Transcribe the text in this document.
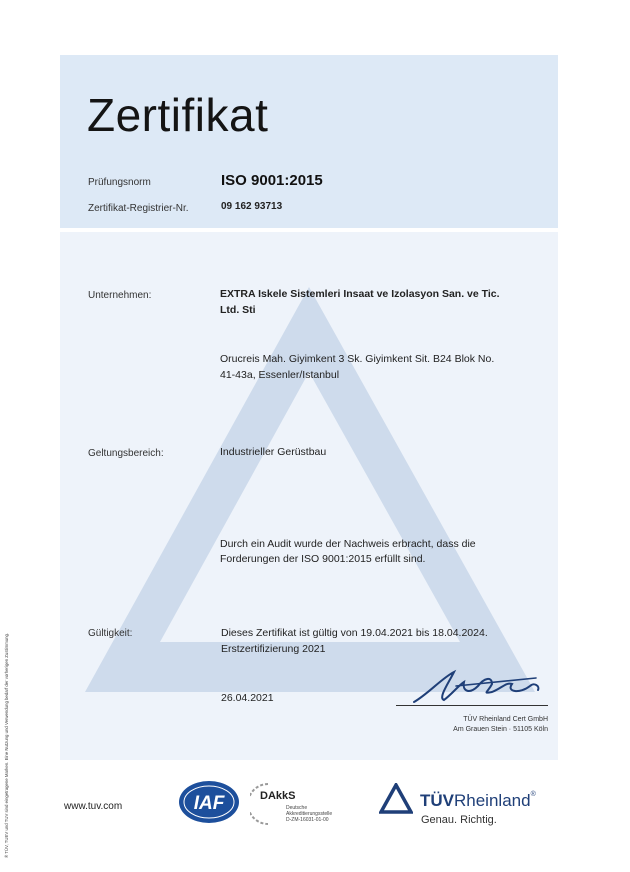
Zertifikat
Prüfungsnorm	ISO 9001:2015
Zertifikat-Registrier-Nr.	09 162 93713
Unternehmen:	EXTRA Iskele Sistemleri Insaat ve Izolasyon San. ve Tic.
Ltd. Sti
Orucreis Mah. Giyimkent 3 Sk. Giyimkent Sit. B24 Blok No.
41-43a, Essenler/Istanbul
Geltungsbereich:	Industrieller Gerüstbau
Durch ein Audit wurde der Nachweis erbracht, dass die
Forderungen der ISO 9001:2015 erfüllt sind.
Gültigkeit:	Dieses Zertifikat ist gültig von 19.04.2021 bis 18.04.2024.
Erstzertifizierung 2021
26.04.2021
TÜV Rheinland Cert GmbH
Am Grauen Stein · 51105 Köln
® TÜV, TUEV und TUV sind eingetragene Marken. Eine Nutzung und Verwendung bedarf der vorherigen Zustimmung.	www.tuv.com	IAF	DAkkS
Deutsche
Akkreditierungsstelle
D-ZM-16031-01-00
TÜVRheinland®
Genau. Richtig.
